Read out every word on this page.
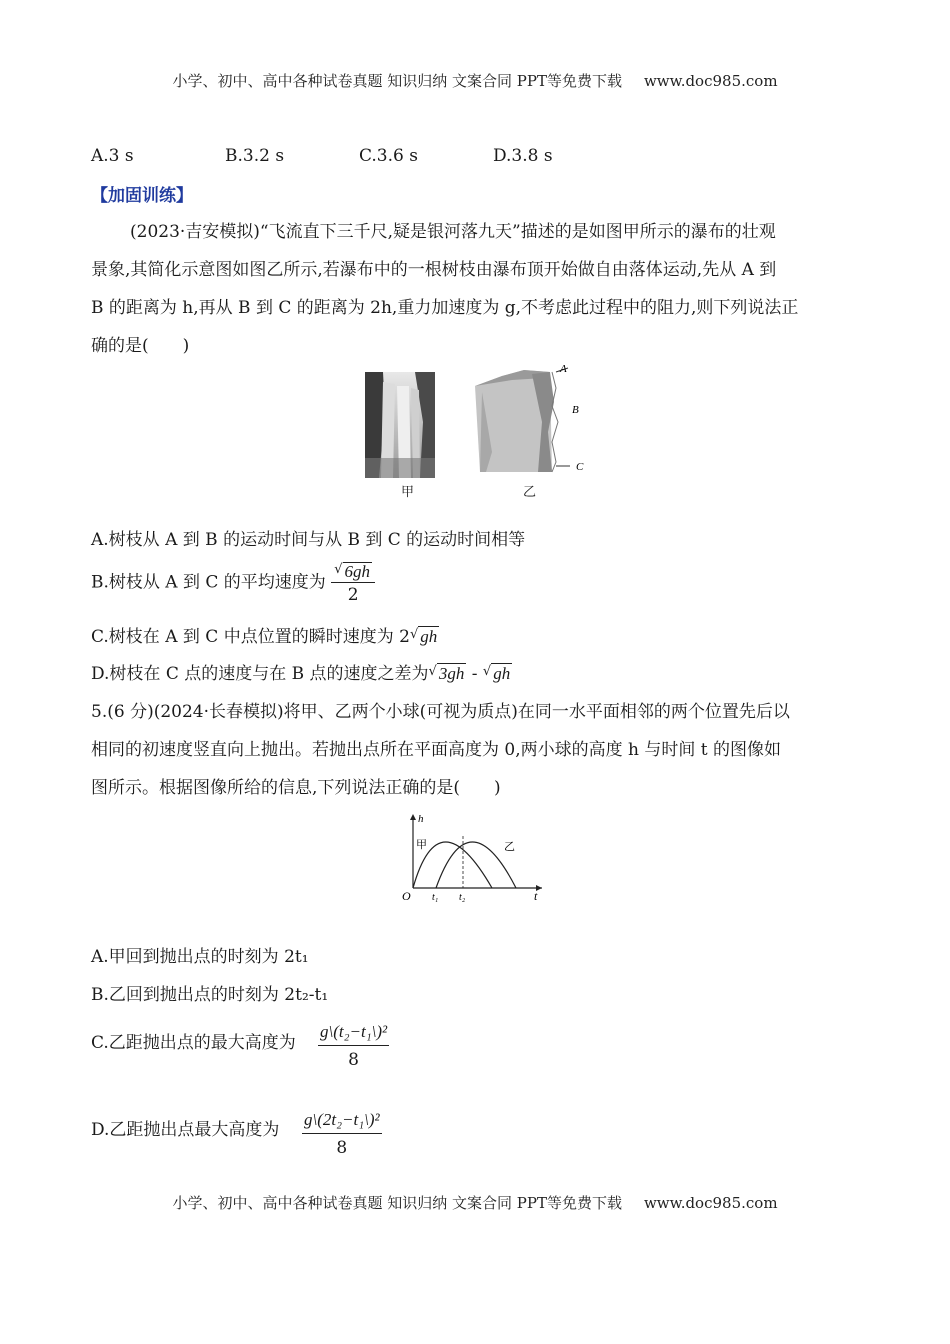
小学、初中、高中各种试卷真题 知识归纳 文案合同 PPT等免费下载 www.doc985.com
A.3 s	B.3.2 s	C.3.6 s	D.3.8 s
【加固训练】
(2023·吉安模拟)“飞流直下三千尺,疑是银河落九天”描述的是如图甲所示的瀑布的壮观
景象,其简化示意图如图乙所示,若瀑布中的一根树枝由瀑布顶开始做自由落体运动,先从 A 到
B 的距离为 h,再从 B 到 C 的距离为 2h,重力加速度为 g,不考虑此过程中的阻力,则下列说法正
确的是(　　)
甲
A
B
C
乙
A.树枝从 A 到 B 的运动时间与从 B 到 C 的运动时间相等
B.树枝从 A 到 C 的平均速度为 $\frac{^√ 6gh}{2}$
C.树枝在 A 到 C 中点位置的瞬时速度为 2√ gh
D.树枝在 C 点的速度与在 B 点的速度之差为√ 3gh - √ gh
5.(6 分)(2024·长春模拟)将甲、乙两个小球(可视为质点)在同一水平面相邻的两个位置先后以
相同的初速度竖直向上抛出。若抛出点所在平面高度为 0,两小球的高度 h 与时间 t 的图像如
图所示。根据图像所给的信息,下列说法正确的是(　　)
h
O	t
t₁ t₂
甲	乙
A.甲回到抛出点的时刻为 2t₁
B.乙回到抛出点的时刻为 2t₂-t₁
C.乙距抛出点的最大高度为 $\frac{\text{g\textbackslash{}(t₂−t₁\textbackslash{})²}}{8}$
D.乙距抛出点最大高度为 $\frac{\text{g\textbackslash{}(2t₂−t₁\textbackslash{})²}}{8}$
小学、初中、高中各种试卷真题 知识归纳 文案合同 PPT等免费下载 www.doc985.com
